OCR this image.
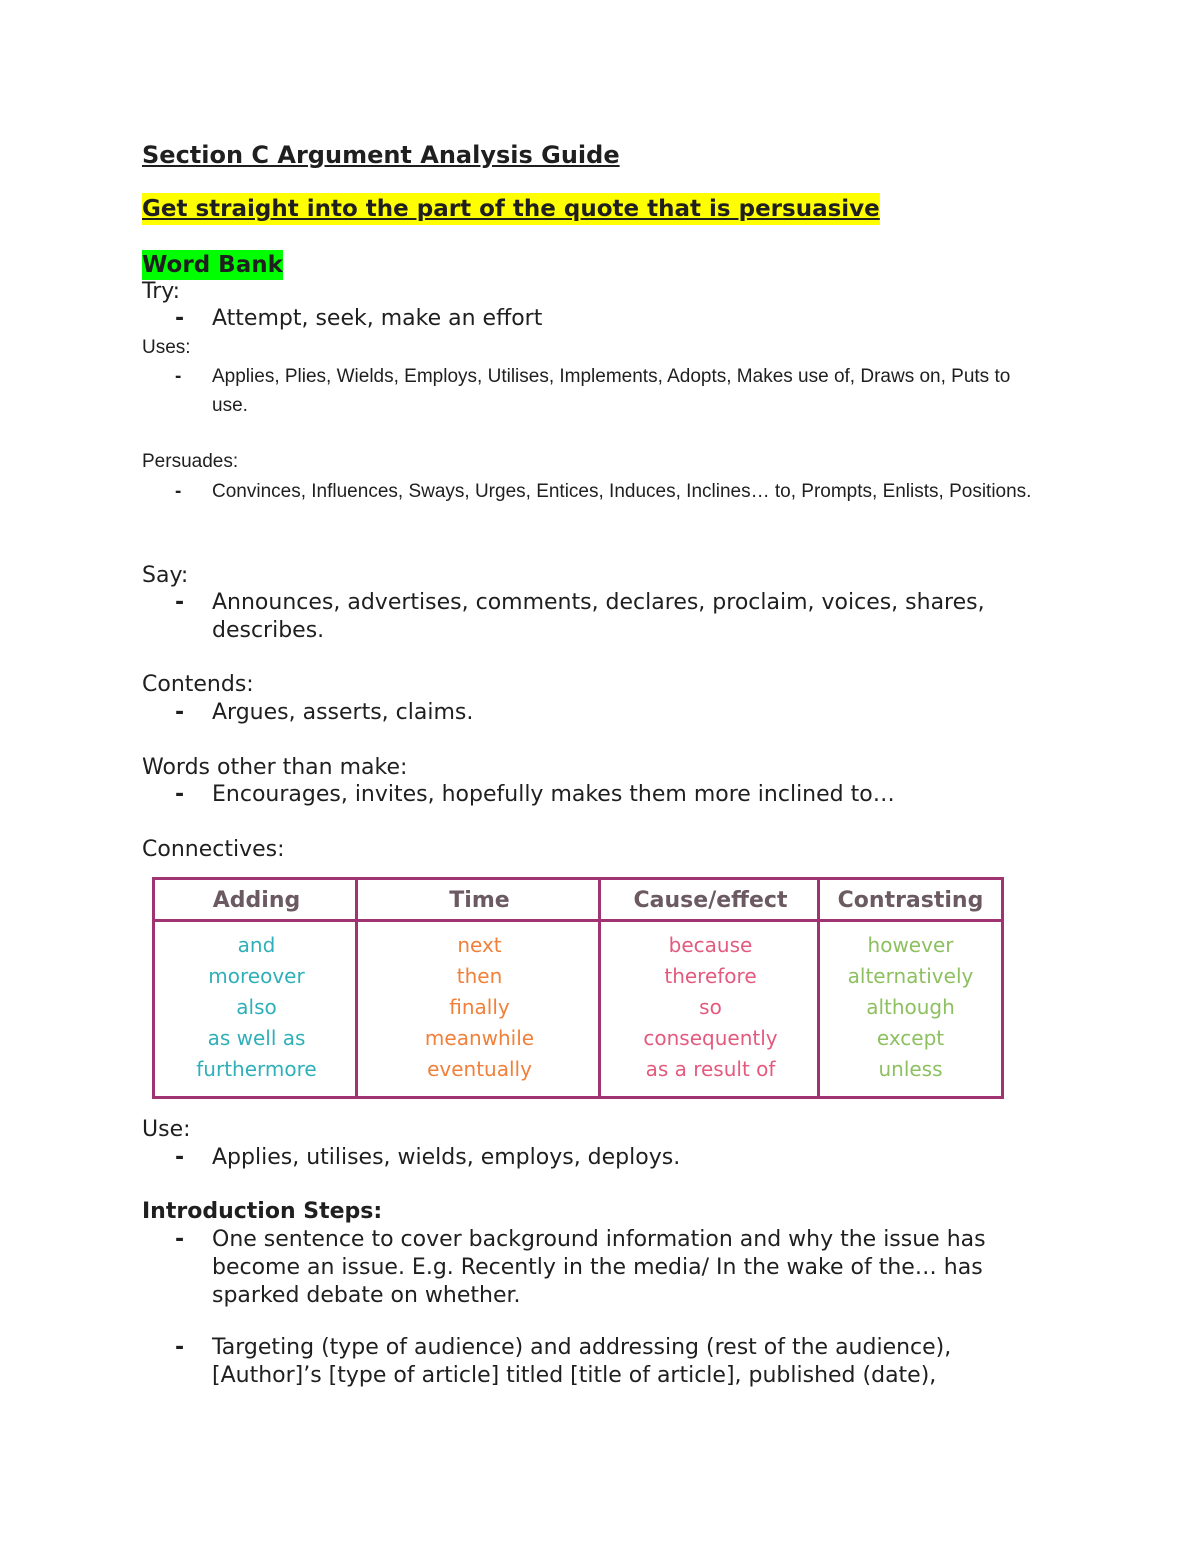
Section C Argument Analysis Guide
Get straight into the part of the quote that is persuasive
Word Bank
Try:
- Attempt, seek, make an effort
Uses:
- Applies, Plies, Wields, Employs, Utilises, Implements, Adopts, Makes use of, Draws on, Puts to use.
Persuades:
- Convinces, Influences, Sways, Urges, Entices, Induces, Inclines… to, Prompts, Enlists, Positions.
Say:
- Announces, advertises, comments, declares, proclaim, voices, shares, describes.
Contends:
- Argues, asserts, claims.
Words other than make:
- Encourages, invites, hopefully makes them more inclined to…
Connectives:
Adding
and
moreover
also
as well as
furthermore
Time
next
then
finally
meanwhile
eventually
Cause/effect
because
therefore
so
consequently
as a result of
Contrasting
however
alternatively
although
except
unless
Use:
- Applies, utilises, wields, employs, deploys.
Introduction Steps:
- One sentence to cover background information and why the issue has become an issue. E.g. Recently in the media/ In the wake of the… has sparked debate on whether.
- Targeting (type of audience) and addressing (rest of the audience), [Author]’s [type of article] titled [title of article], published (date),
